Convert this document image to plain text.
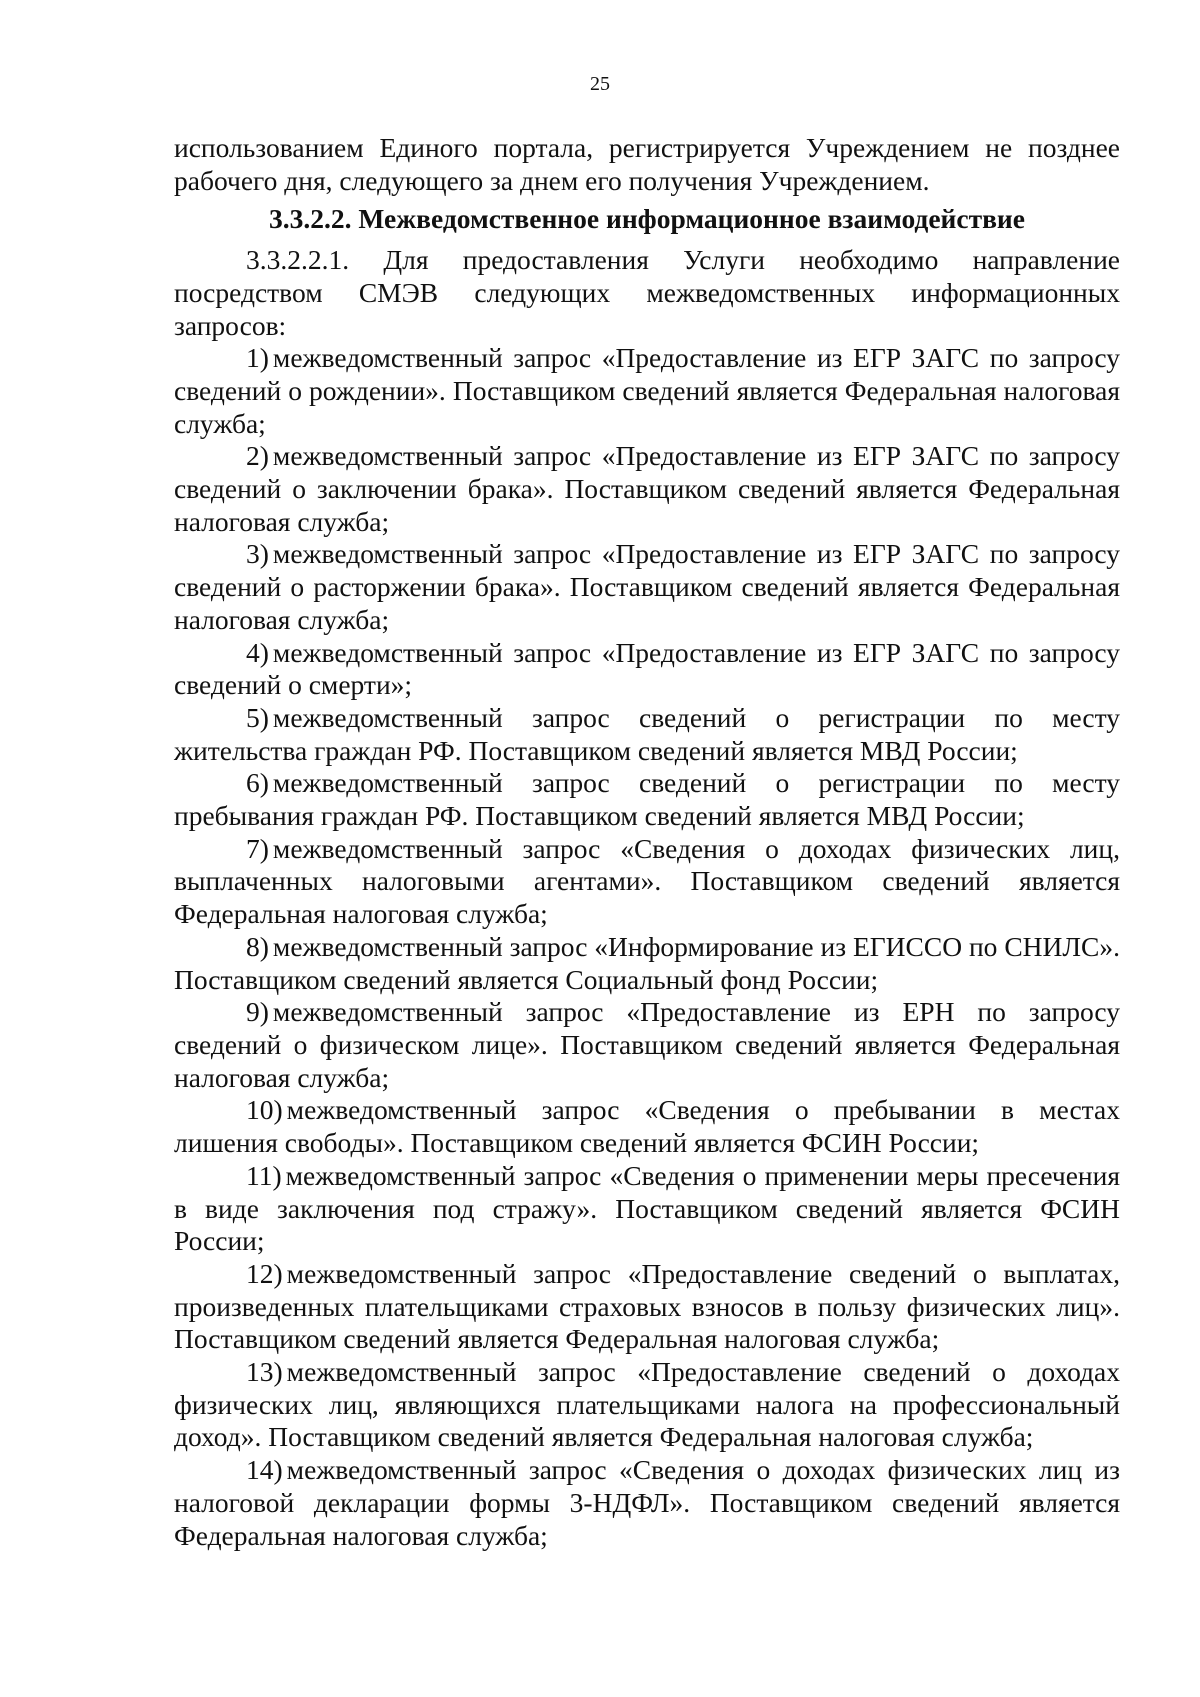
25

использованием Единого портала, регистрируется Учреждением не позднее рабочего дня, следующего за днем его получения Учреждением.

3.3.2.2. Межведомственное информационное взаимодействие

3.3.2.2.1. Для предоставления Услуги необходимо направление посредством СМЭВ следующих межведомственных информационных запросов:

1) межведомственный запрос «Предоставление из ЕГР ЗАГС по запросу сведений о рождении». Поставщиком сведений является Федеральная налоговая служба;

2) межведомственный запрос «Предоставление из ЕГР ЗАГС по запросу сведений о заключении брака». Поставщиком сведений является Федеральная налоговая служба;

3) межведомственный запрос «Предоставление из ЕГР ЗАГС по запросу сведений о расторжении брака». Поставщиком сведений является Федеральная налоговая служба;

4) межведомственный запрос «Предоставление из ЕГР ЗАГС по запросу сведений о смерти»;

5) межведомственный запрос сведений о регистрации по месту жительства граждан РФ. Поставщиком сведений является МВД России;

6) межведомственный запрос сведений о регистрации по месту пребывания граждан РФ. Поставщиком сведений является МВД России;

7) межведомственный запрос «Сведения о доходах физических лиц, выплаченных налоговыми агентами». Поставщиком сведений является Федеральная налоговая служба;

8) межведомственный запрос «Информирование из ЕГИССО по СНИЛС». Поставщиком сведений является Социальный фонд России;

9) межведомственный запрос «Предоставление из ЕРН по запросу сведений о физическом лице». Поставщиком сведений является Федеральная налоговая служба;

10) межведомственный запрос «Сведения о пребывании в местах лишения свободы». Поставщиком сведений является ФСИН России;

11) межведомственный запрос «Сведения о применении меры пресечения в виде заключения под стражу». Поставщиком сведений является ФСИН России;

12) межведомственный запрос «Предоставление сведений о выплатах, произведенных плательщиками страховых взносов в пользу физических лиц». Поставщиком сведений является Федеральная налоговая служба;

13) межведомственный запрос «Предоставление сведений о доходах физических лиц, являющихся плательщиками налога на профессиональный доход». Поставщиком сведений является Федеральная налоговая служба;

14) межведомственный запрос «Сведения о доходах физических лиц из налоговой декларации формы 3-НДФЛ». Поставщиком сведений является Федеральная налоговая служба;
